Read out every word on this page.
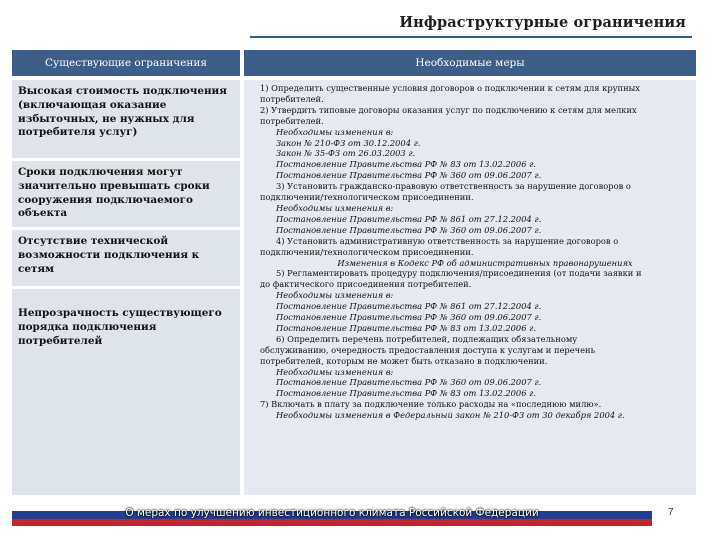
Инфраструктурные ограничения
Существующие ограничения	Необходимые меры
Высокая стоимость подключения (включающая оказание избыточных, не нужных для потребителя услуг)
Сроки подключения могут значительно превышать сроки сооружения подключаемого объекта
Отсутствие технической возможности подключения к сетям
Непрозрачность существующего порядка подключения потребителей
1) Определить существенные условия договоров о подключении к сетям для крупных
потребителей.
2) Утвердить типовые договоры оказания услуг по подключению к сетям для мелких
потребителей.
Необходимы изменения в:
Закон № 210-ФЗ от 30.12.2004 г.
Закон № 35-ФЗ от 26.03.2003 г.
Постановление Правительства РФ № 83 от 13.02.2006 г.
Постановление Правительства РФ № 360 от 09.06.2007 г.
3) Установить гражданско-правовую ответственность за нарушение договоров о
подключении/технологическом присоединении.
Необходимы изменения в:
Постановление Правительства РФ № 861 от 27.12.2004 г.
Постановление Правительства РФ № 360 от 09.06.2007 г.
4) Установить административную ответственность за нарушение договоров о
подключении/технологическом присоединении.
Изменения в Кодекс РФ об административных правонарушениях
5) Регламентировать процедуру подключения/присоединения (от подачи заявки и
до фактического присоединения потребителей.
Необходимы изменения в:
Постановление Правительства РФ № 861 от 27.12.2004 г.
Постановление Правительства РФ № 360 от 09.06.2007 г.
Постановление Правительства РФ № 83 от 13.02.2006 г.
6) Определить перечень потребителей, подлежащих обязательному
обслуживанию, очередность предоставления доступа к услугам и перечень
потребителей, которым не может быть отказано в подключении.
Необходимы изменения в:
Постановление Правительства РФ № 360 от 09.06.2007 г.
Постановление Правительства РФ № 83 от 13.02.2006 г.
7) Включать в плату за подключение только расходы на «последнюю милю».
Необходимы изменения в Федеральный закон № 210-ФЗ от 30 декабря 2004 г.
О мерах по улучшению инвестиционного климата Российской Федерации	7
